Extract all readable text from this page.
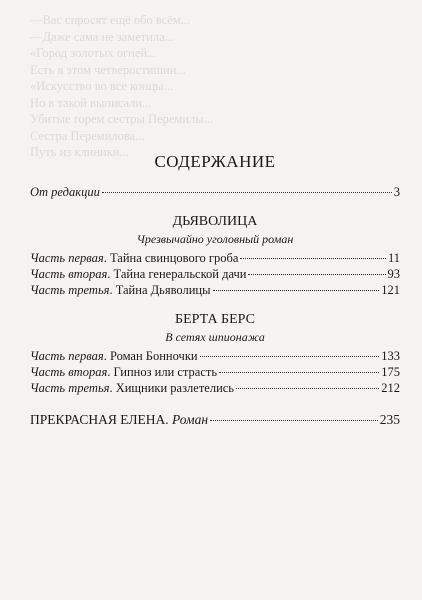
—Вас спросят ещё обо всём...
—Даже сама не заметила...
«Город золотых огней...
Есть в этом четверостишии...
«Искусство во все концы...
Но в такой выписали...
Убитые горем сестры Перемилы...
Сестра Перемилова...
Путь из клиники...	СОДЕРЖАНИЕ
От редакции	3
ДЬЯВОЛИЦА
Чрезвычайно уголовный роман
Часть первая. Тайна свинцового гроба	11
Часть вторая. Тайна генеральской дачи	93
Часть третья. Тайна Дьяволицы	121
БЕРТА БЕРС
В сетях шпионажа
Часть первая. Роман Бонночки	133
Часть вторая. Гипноз или страсть	175
Часть третья. Хищники разлетелись	212
ПРЕКРАСНАЯ ЕЛЕНА. Роман	235
